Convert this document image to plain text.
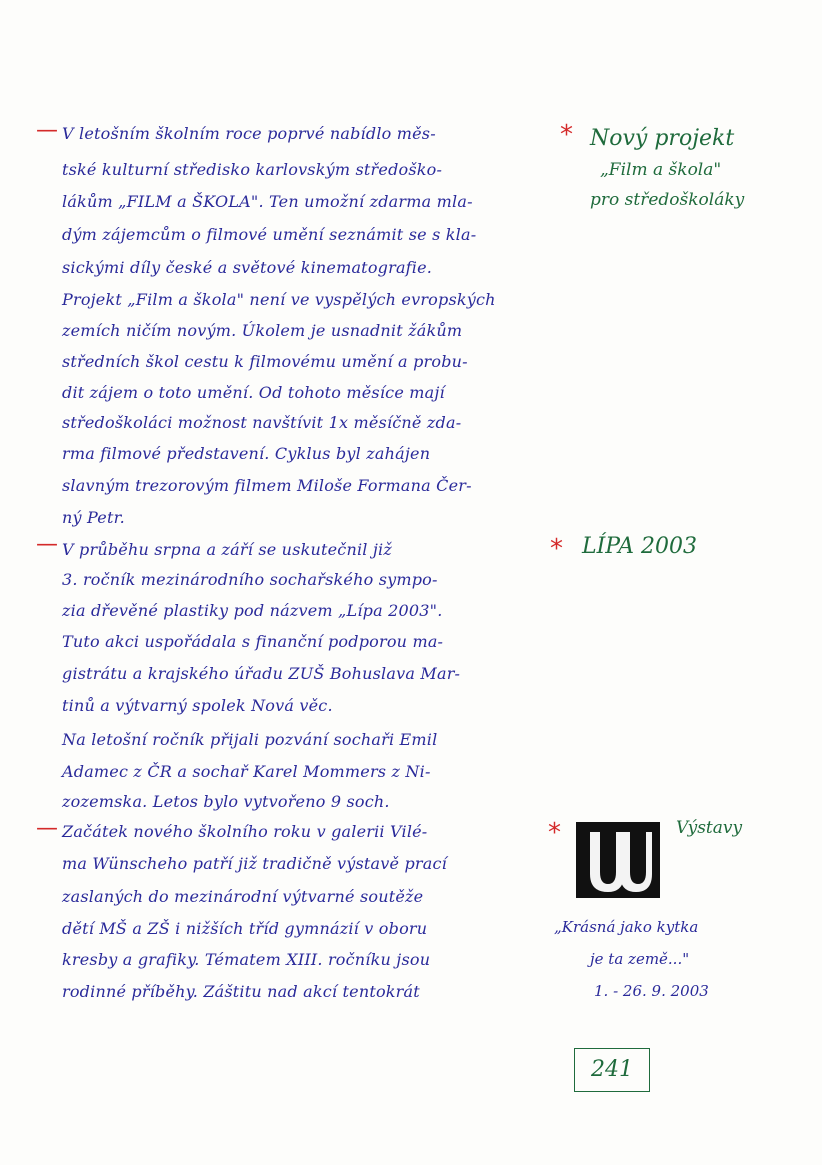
— V letošním školním roce poprvé nabídlo měs-
tské kulturní středisko karlovským středoško-
lákům „FILM a ŠKOLA". Ten umožní zdarma mla-
dým zájemcům o filmové umění seznámit se s kla-
sickými díly české a světové kinematografie.
Projekt „Film a škola" není ve vyspělých evropských
zemích ničím novým. Úkolem je usnadnit žákům
středních škol cestu k filmovému umění a probu-
dit zájem o toto umění. Od tohoto měsíce mají
středoškoláci možnost navštívit 1x měsíčně zda-
rma filmové představení. Cyklus byl zahájen
slavným trezorovým filmem Miloše Formana Čer-
ný Petr.
* Nový projekt
„Film a škola"
pro středoškoláky
— V průběhu srpna a září se uskutečnil již
3. ročník mezinárodního sochařského sympo-
zia dřevěné plastiky pod názvem „Lípa 2003".
Tuto akci uspořádala s finanční podporou ma-
gistrátu a krajského úřadu ZUŠ Bohuslava Mar-
tinů a výtvarný spolek Nová věc.
Na letošní ročník přijali pozvání sochaři Emil
Adamec z ČR a sochař Karel Mommers z Ni-
zozemska. Letos bylo vytvořeno 9 soch.
* LÍPA 2003
— Začátek nového školního roku v galerii Vilé-
ma Wünscheho patří již tradičně výstavě prací
zaslaných do mezinárodní výtvarné soutěže
dětí MŠ a ZŠ i nižších tříd gymnázií v oboru
kresby a grafiky. Tématem XIII. ročníku jsou
rodinné příběhy. Záštitu nad akcí tentokrát
*	Výstavy
„Krásná jako kytka
je ta země..."
1. - 26. 9. 2003
241
